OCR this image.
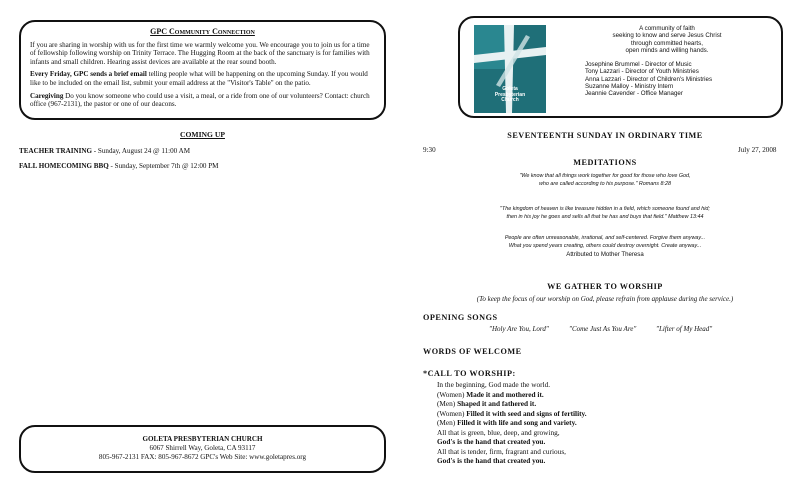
GPC Community Connection

If you are sharing in worship with us for the first time we warmly welcome you. We encourage you to join us for a time of fellowship following worship on Trinity Terrace. The Hugging Room at the back of the sanctuary is for families with infants and small children. Hearing assist devices are available at the rear sound booth.

Every Friday, GPC sends a brief email telling people what will be happening on the upcoming Sunday. If you would like to be included on the email list, submit your email address at the "Visitor's Table" on the patio.

Caregiving Do you know someone who could use a visit, a meal, or a ride from one of our volunteers? Contact: church office (967-2131), the pastor or one of our deacons.

COMING UP
TEACHER TRAINING - Sunday, August 24 @ 11:00 AM
FALL HOMECOMING BBQ - Sunday, September 7th @ 12:00 PM
GOLETA PRESBYTERIAN CHURCH
6067 Shirrell Way, Goleta, CA 93117
805-967-2131 FAX: 805-967-8672 GPC's Web Site: www.goletapres.org
Goleta
Presbyterian
Church
A community of faith
seeking to know and serve Jesus Christ
through committed hearts,
open minds and willing hands.
Josephine Brummel - Director of Music
Tony Lazzari - Director of Youth Ministries
Anna Lazzari - Director of Children's Ministries
Suzanne Malloy - Ministry Intern
Jeannie Cavender - Office Manager
SEVENTEENTH SUNDAY IN ORDINARY TIME
9:30	July 27, 2008
MEDITATIONS
"We know that all things work together for good for those who love God,
who are called according to his purpose." Romans 8:28
"The kingdom of heaven is like treasure hidden in a field, which someone found and hid;
then in his joy he goes and sells all that he has and buys that field." Matthew 13:44
People are often unreasonable, irrational, and self-centered. Forgive them anyway...
What you spend years creating, others could destroy overnight. Create anyway...
Attributed to Mother Theresa
WE GATHER TO WORSHIP
(To keep the focus of our worship on God, please refrain from applause during the service.)
OPENING SONGS
"Holy Are You, Lord"	"Come Just As You Are"	"Lifter of My Head"
WORDS OF WELCOME
*CALL TO WORSHIP:
In the beginning, God made the world.
(Women) Made it and mothered it.
(Men) Shaped it and fathered it.
(Women) Filled it with seed and signs of fertility.
(Men) Filled it with life and song and variety.
All that is green, blue, deep, and growing,
God's is the hand that created you.
All that is tender, firm, fragrant and curious,
God's is the hand that created you.
